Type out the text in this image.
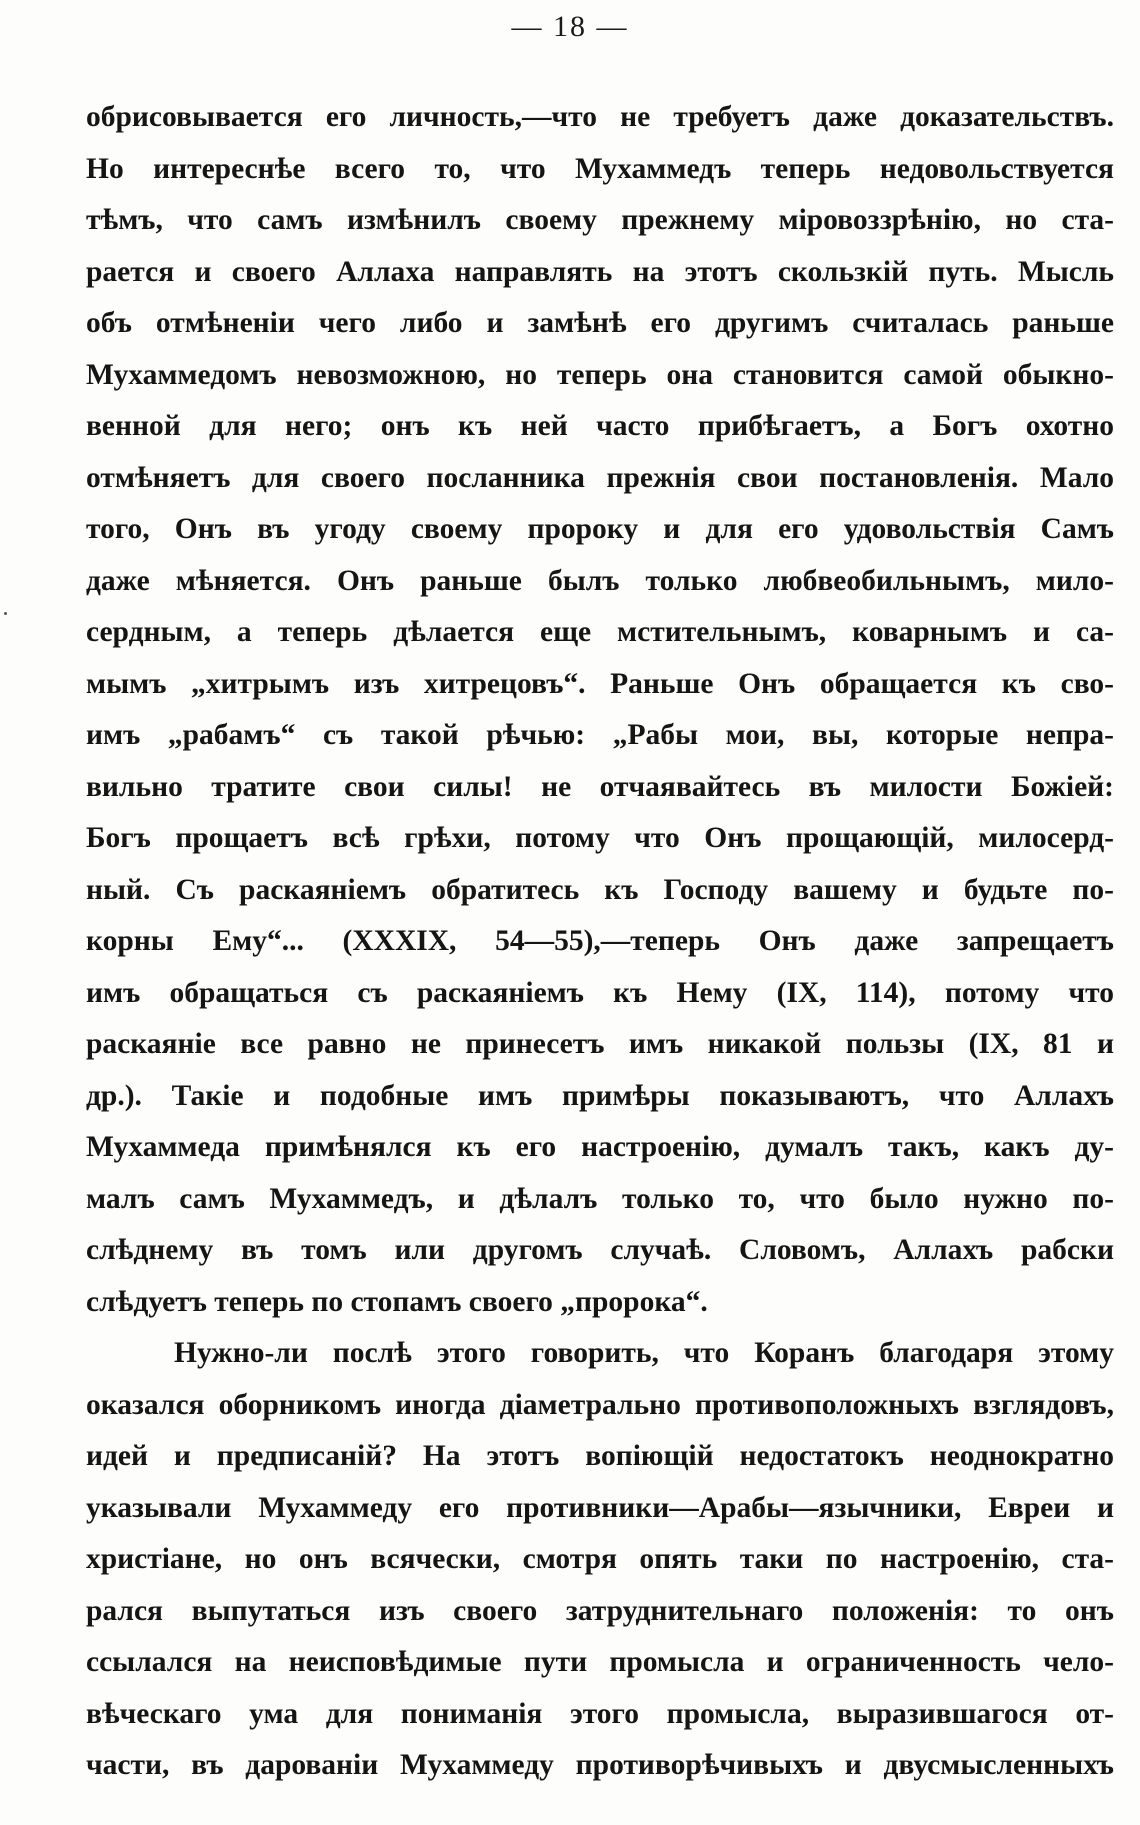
— 18 —
обрисовывается его личность,—что не требуетъ даже доказательствъ.
Но интереснѣе всего то, что Мухаммедъ теперь недовольствуется
тѣмъ, что самъ измѣнилъ своему прежнему міровоззрѣнію, но ста-
рается и своего Аллаха направлять на этотъ скользкій путь. Мысль
объ отмѣненіи чего либо и замѣнѣ его другимъ считалась раньше
Мухаммедомъ невозможною, но теперь она становится самой обыкно-
венной для него; онъ къ ней часто прибѣгаетъ, а Богъ охотно
отмѣняетъ для своего посланника прежнія свои постановленія. Мало
того, Онъ въ угоду своему пророку и для его удовольствія Самъ
даже мѣняется. Онъ раньше былъ только любвеобильнымъ, мило-
сердным, а теперь дѣлается еще мстительнымъ, коварнымъ и са-
мымъ „хитрымъ изъ хитрецовъ“. Раньше Онъ обращается къ сво-
имъ „рабамъ“ съ такой рѣчью: „Рабы мои, вы, которые непра-
вильно тратите свои силы! не отчаявайтесь въ милости Божіей:
Богъ прощаетъ всѣ грѣхи, потому что Онъ прощающій, милосерд-
ный. Съ раскаяніемъ обратитесь къ Господу вашему и будьте по-
корны Ему“... (XXXIX, 54—55),—теперь Онъ даже запрещаетъ
имъ обращаться съ раскаяніемъ къ Нему (IX, 114), потому что
раскаяніе все равно не принесетъ имъ никакой пользы (IX, 81 и
др.). Такіе и подобные имъ примѣры показываютъ, что Аллахъ
Мухаммеда примѣнялся къ его настроенію, думалъ такъ, какъ ду-
малъ самъ Мухаммедъ, и дѣлалъ только то, что было нужно по-
слѣднему въ томъ или другомъ случаѣ. Словомъ, Аллахъ рабски
слѣдуетъ теперь по стопамъ своего „пророка“.
Нужно-ли послѣ этого говорить, что Коранъ благодаря этому
оказался оборникомъ иногда діаметрально противоположныхъ взглядовъ,
идей и предписаній? На этотъ вопіющій недостатокъ неоднократно
указывали Мухаммеду его противники—Арабы—язычники, Евреи и
христіане, но онъ всячески, смотря опять таки по настроенію, ста-
рался выпутаться изъ своего затруднительнаго положенія: то онъ
ссылался на неисповѣдимые пути промысла и ограниченность чело-
вѣческаго ума для пониманія этого промысла, выразившагося от-
части, въ дарованіи Мухаммеду противорѣчивыхъ и двусмысленныхъ
